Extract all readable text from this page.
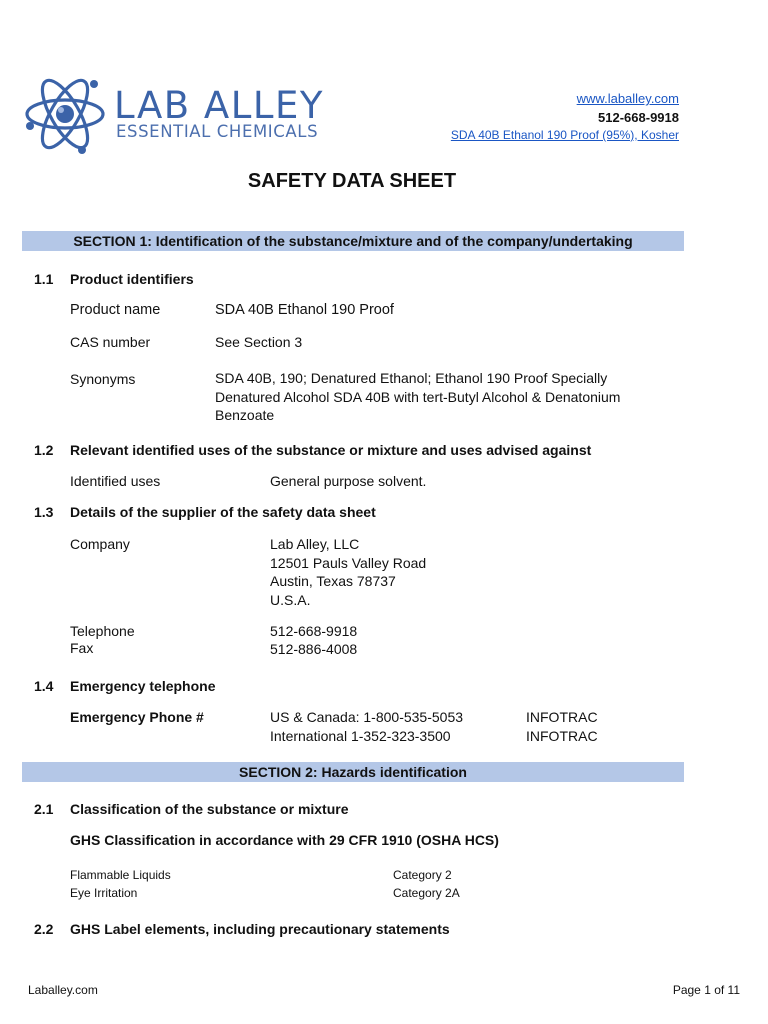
LAB ALLEY
ESSENTIAL CHEMICALS
www.laballey.com
512-668-9918
SDA 40B Ethanol 190 Proof (95%), Kosher
SAFETY DATA SHEET
SECTION 1: Identification of the substance/mixture and of the company/undertaking
1.1 Product identifiers
Product name	SDA 40B Ethanol 190 Proof
CAS number	See Section 3
Synonyms	SDA 40B, 190; Denatured Ethanol; Ethanol 190 Proof Specially
Denatured Alcohol SDA 40B with tert-Butyl Alcohol & Denatonium
Benzoate
1.2 Relevant identified uses of the substance or mixture and uses advised against
Identified uses	General purpose solvent.
1.3 Details of the supplier of the safety data sheet
Company	Lab Alley, LLC
12501 Pauls Valley Road
Austin, Texas 78737
U.S.A.
Telephone	512-668-9918
Fax	512-886-4008
1.4 Emergency telephone
Emergency Phone #	US & Canada: 1-800-535-5053	INFOTRAC
International 1-352-323-3500	INFOTRAC
SECTION 2: Hazards identification
2.1 Classification of the substance or mixture
GHS Classification in accordance with 29 CFR 1910 (OSHA HCS)
Flammable Liquids	Category 2
Eye Irritation	Category 2A
2.2 GHS Label elements, including precautionary statements
Laballey.com	Page 1 of 11
